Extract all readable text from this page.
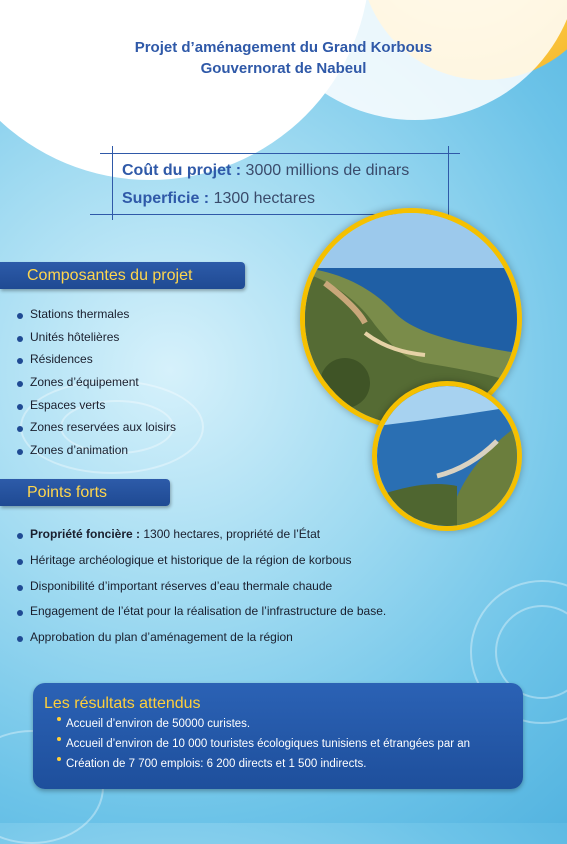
Projet d’aménagement du Grand Korbous
Gouvernorat de Nabeul
Coût du projet : 3000 millions de dinars
Superficie : 1300 hectares
Composantes du projet
Stations thermales
Unités hôtelières
Résidences
Zones d’équipement
Espaces verts
Zones reservées aux loisirs
Zones d’animation
Points forts
Propriété foncière : 1300 hectares, propriété de l’État
Héritage archéologique et historique de la région de korbous
Disponibilité d’important réserves d’eau thermale chaude
Engagement de l’état pour la réalisation de l’infrastructure de base.
Approbation du plan d’aménagement de la région
Les résultats attendus
Accueil d’environ de 50000 curistes.
Accueil d’environ de 10 000 touristes écologiques tunisiens et étrangées par an
Création de 7 700 emplois: 6 200 directs et 1 500 indirects.
